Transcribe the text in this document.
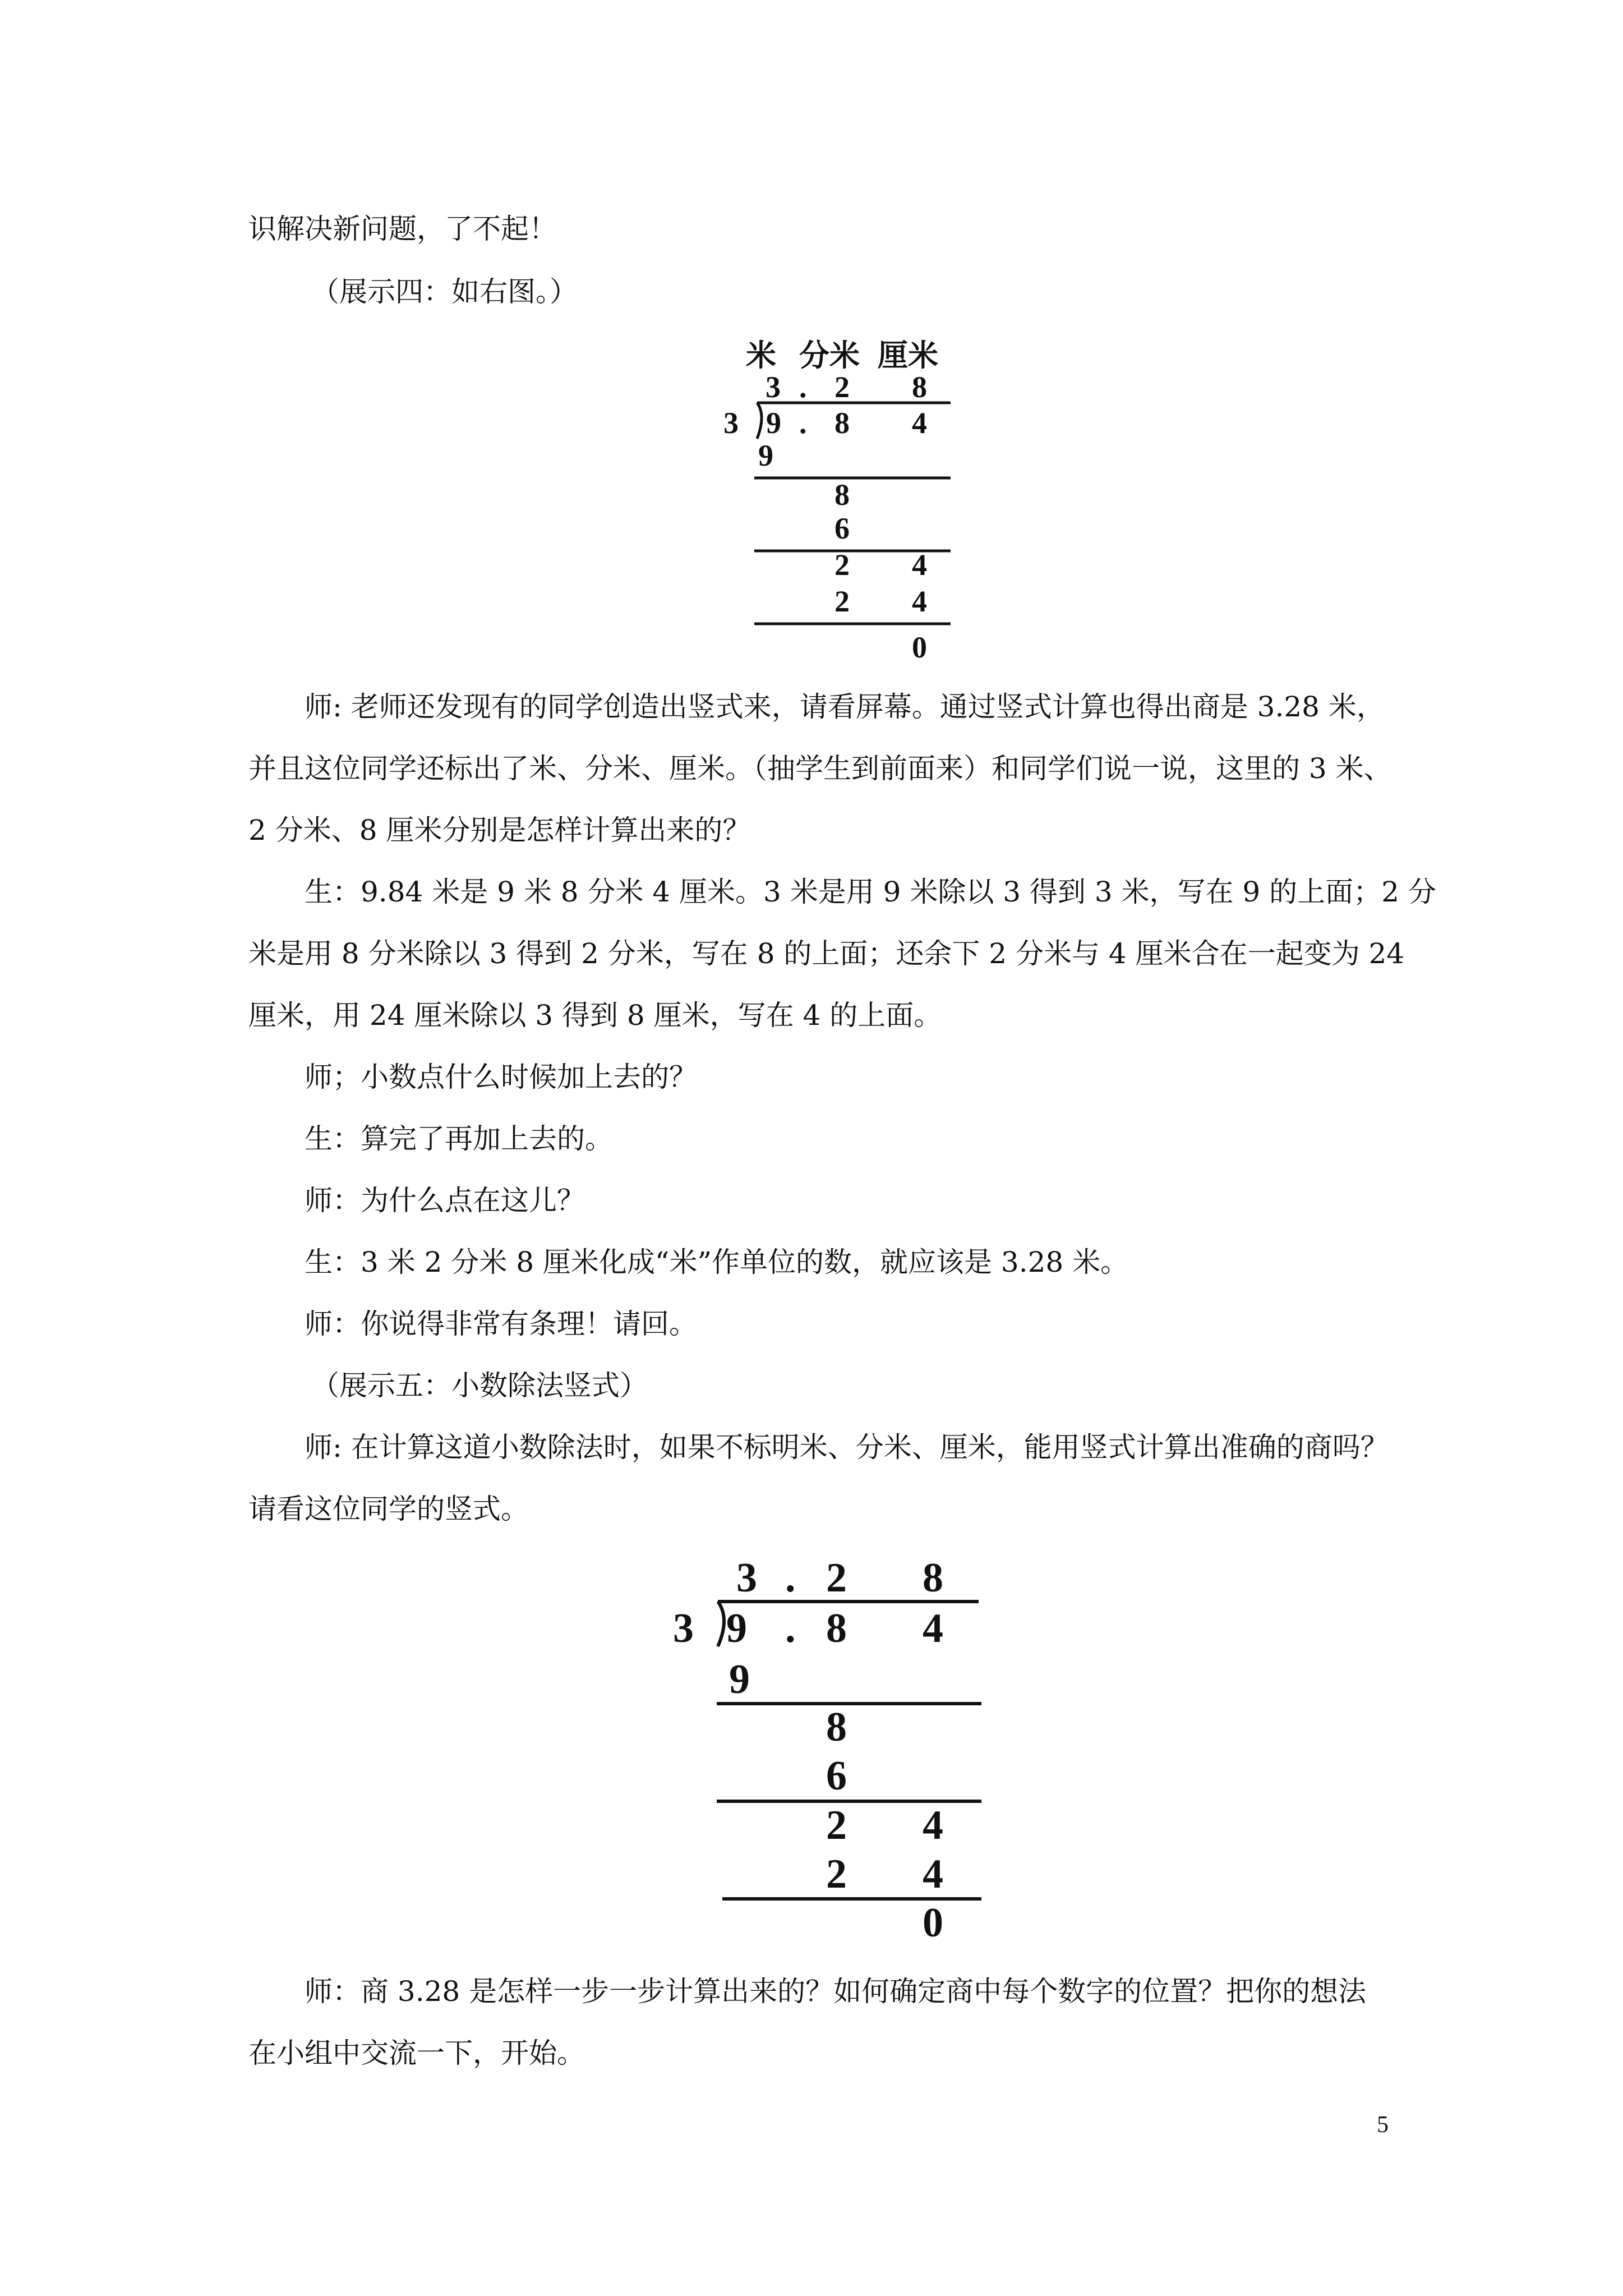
识解决新问题，了不起！
（展示四：如右图。）
米 分米 厘米
3 . 2 8
3 9 . 8 4
9
8
6
2 4
2 4
0
师: 老师还发现有的同学创造出竖式来，请看屏幕。通过竖式计算也得出商是 3.28 米，
并且这位同学还标出了米、分米、厘米。（抽学生到前面来）和同学们说一说，这里的 3 米、
2 分米、8 厘米分别是怎样计算出来的？
生：9.84 米是 9 米 8 分米 4 厘米。3 米是用 9 米除以 3 得到 3 米，写在 9 的上面；2 分
米是用 8 分米除以 3 得到 2 分米，写在 8 的上面；还余下 2 分米与 4 厘米合在一起变为 24
厘米，用 24 厘米除以 3 得到 8 厘米，写在 4 的上面。
师；小数点什么时候加上去的？
生：算完了再加上去的。
师：为什么点在这儿？
生：3 米 2 分米 8 厘米化成“米”作单位的数，就应该是 3.28 米。
师：你说得非常有条理！请回。
（展示五：小数除法竖式）
师: 在计算这道小数除法时，如果不标明米、分米、厘米，能用竖式计算出准确的商吗？
请看这位同学的竖式。
3 . 2 8
3 9 . 8 4
9
8
6
2 4
2 4
0
师：商 3.28 是怎样一步一步计算出来的？如何确定商中每个数字的位置？把你的想法
在小组中交流一下，开始。
5
